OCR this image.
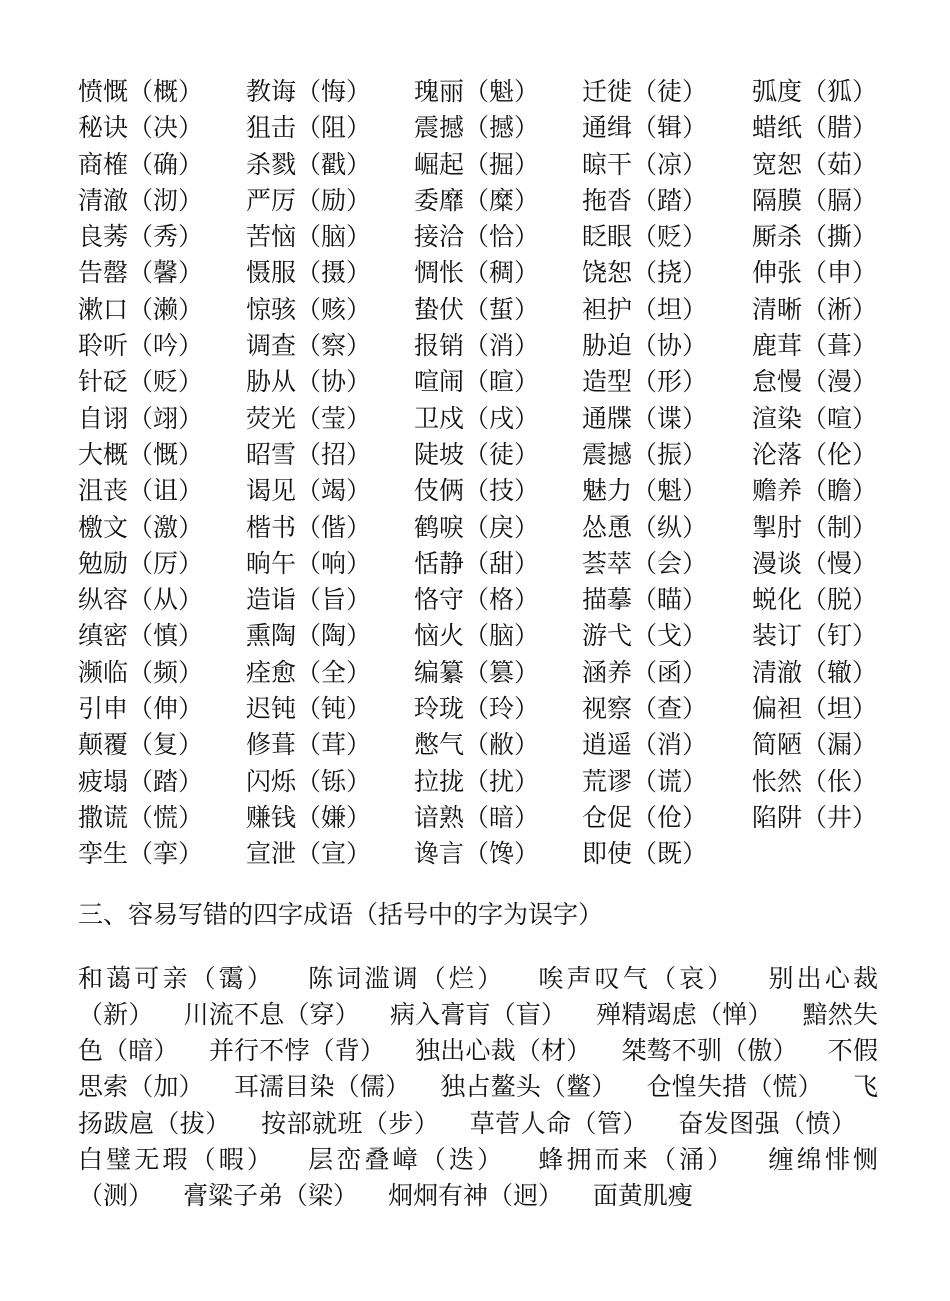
愤慨（概）	教诲（悔）	瑰丽（魁）	迁徙（徒）	弧度（狐）
秘诀（决）	狙击（阻）	震撼（撼）	通缉（辑）	蜡纸（腊）
商榷（确）	杀戮（戳）	崛起（掘）	晾干（凉）	宽恕（茹）
清澈（沏）	严厉（励）	委靡（糜）	拖沓（踏）	隔膜（膈）
良莠（秀）	苦恼（脑）	接洽（恰）	眨眼（贬）	厮杀（撕）
告罄（馨）	慑服（摄）	惆怅（稠）	饶恕（挠）	伸张（申）
漱口（濑）	惊骇（赅）	蛰伏（蜇）	袒护（坦）	清晰（淅）
聆听（吟）	调查（察）	报销（消）	胁迫（协）	鹿茸（葺）
针砭（贬）	胁从（协）	喧闹（暄）	造型（形）	怠慢（漫）
自诩（翊）	荧光（莹）	卫戍（戌）	通牒（谍）	渲染（喧）
大概（慨）	昭雪（招）	陡坡（徒）	震撼（振）	沦落（伦）
沮丧（诅）	谒见（竭）	伎俩（技）	魅力（魁）	赡养（瞻）
檄文（激）	楷书（偕）	鹤唳（戾）	怂恿（纵）	掣肘（制）
勉励（厉）	晌午（响）	恬静（甜）	荟萃（会）	漫谈（慢）
纵容（从）	造诣（旨）	恪守（格）	描摹（瞄）	蜕化（脱）
缜密（慎）	熏陶（陶）	恼火（脑）	游弋（戈）	装订（钉）
濒临（频）	痊愈（全）	编纂（篡）	涵养（函）	清澈（辙）
引申（伸）	迟钝（钝）	玲珑（玲）	视察（查）	偏袒（坦）
颠覆（复）	修葺（茸）	憋气（敝）	逍遥（消）	简陋（漏）
疲塌（踏）	闪烁（铄）	拉拢（扰）	荒谬（谎）	怅然（伥）
撒谎（慌）	赚钱（嫌）	谙熟（暗）	仓促（伧）	陷阱（井）
孪生（挛）	宣泄（宣）	谗言（馋）	即使（既）
三、容易写错的四字成语（括号中的字为误字）
和蔼可亲（霭） 陈词滥调（烂） 唉声叹气（哀） 别出心裁（新） 川流不息（穿） 病入膏肓（盲） 殚精竭虑（惮） 黯然失色（暗） 并行不悖（背） 独出心裁（材） 桀骜不驯（傲） 不假思索（加） 耳濡目染（儒） 独占鳌头（鳖） 仓惶失措（慌） 飞扬跋扈（拔） 按部就班（步） 草菅人命（管） 奋发图强（愤） 白璧无瑕（暇） 层峦叠嶂（迭） 蜂拥而来（涌） 缠绵悱恻（测） 膏粱子弟（梁） 炯炯有神（迥） 面黄肌瘦
